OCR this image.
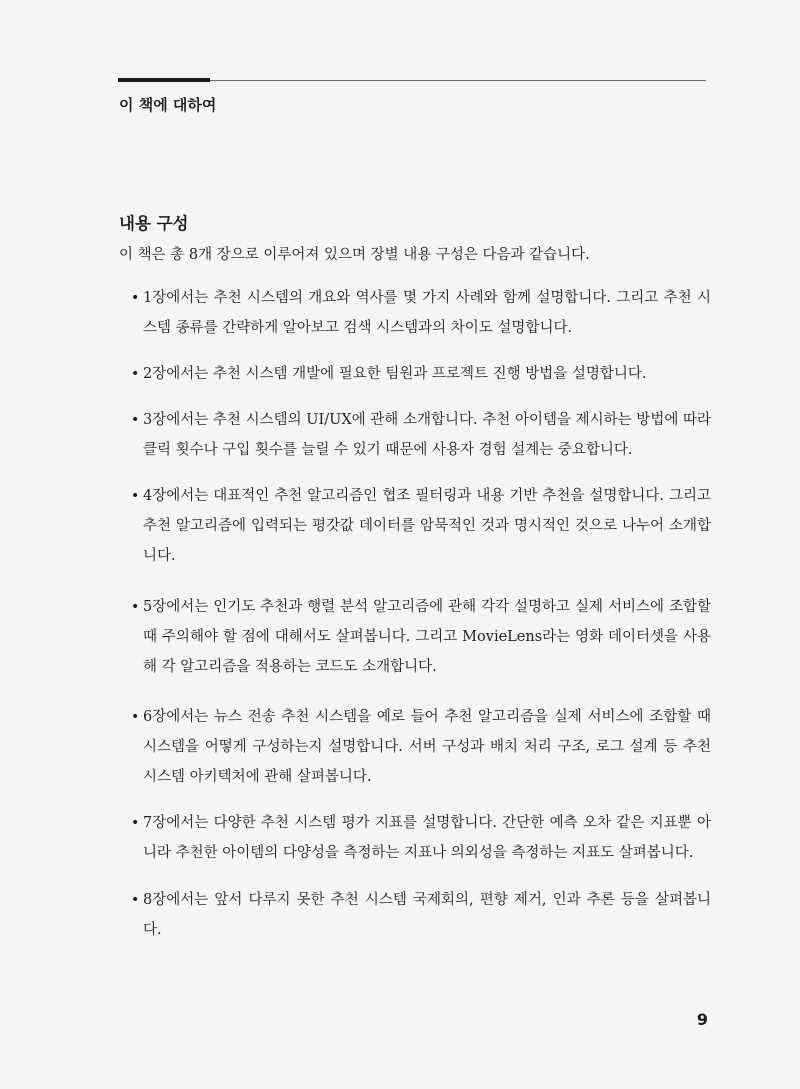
이 책에 대하여
내용 구성

이 책은 총 8개 장으로 이루어져 있으며 장별 내용 구성은 다음과 같습니다.

• 1장에서는 추천 시스템의 개요와 역사를 몇 가지 사례와 함께 설명합니다. 그리고 추천 시스템 종류를 간략하게 알아보고 검색 시스템과의 차이도 설명합니다.
• 2장에서는 추천 시스템 개발에 필요한 팀원과 프로젝트 진행 방법을 설명합니다.
• 3장에서는 추천 시스템의 UI/UX에 관해 소개합니다. 추천 아이템을 제시하는 방법에 따라 클릭 횟수나 구입 횟수를 늘릴 수 있기 때문에 사용자 경험 설계는 중요합니다.
• 4장에서는 대표적인 추천 알고리즘인 협조 필터링과 내용 기반 추천을 설명합니다. 그리고 추천 알고리즘에 입력되는 평갓값 데이터를 암묵적인 것과 명시적인 것으로 나누어 소개합니다.
• 5장에서는 인기도 추천과 행렬 분석 알고리즘에 관해 각각 설명하고 실제 서비스에 조합할 때 주의해야 할 점에 대해서도 살펴봅니다. 그리고 MovieLens라는 영화 데이터셋을 사용해 각 알고리즘을 적용하는 코드도 소개합니다.
• 6장에서는 뉴스 전송 추천 시스템을 예로 들어 추천 알고리즘을 실제 서비스에 조합할 때 시스템을 어떻게 구성하는지 설명합니다. 서버 구성과 배치 처리 구조, 로그 설계 등 추천 시스템 아키텍처에 관해 살펴봅니다.
• 7장에서는 다양한 추천 시스템 평가 지표를 설명합니다. 간단한 예측 오차 같은 지표뿐 아니라 추천한 아이템의 다양성을 측정하는 지표나 의외성을 측정하는 지표도 살펴봅니다.
• 8장에서는 앞서 다루지 못한 추천 시스템 국제회의, 편향 제거, 인과 추론 등을 살펴봅니다.
9
